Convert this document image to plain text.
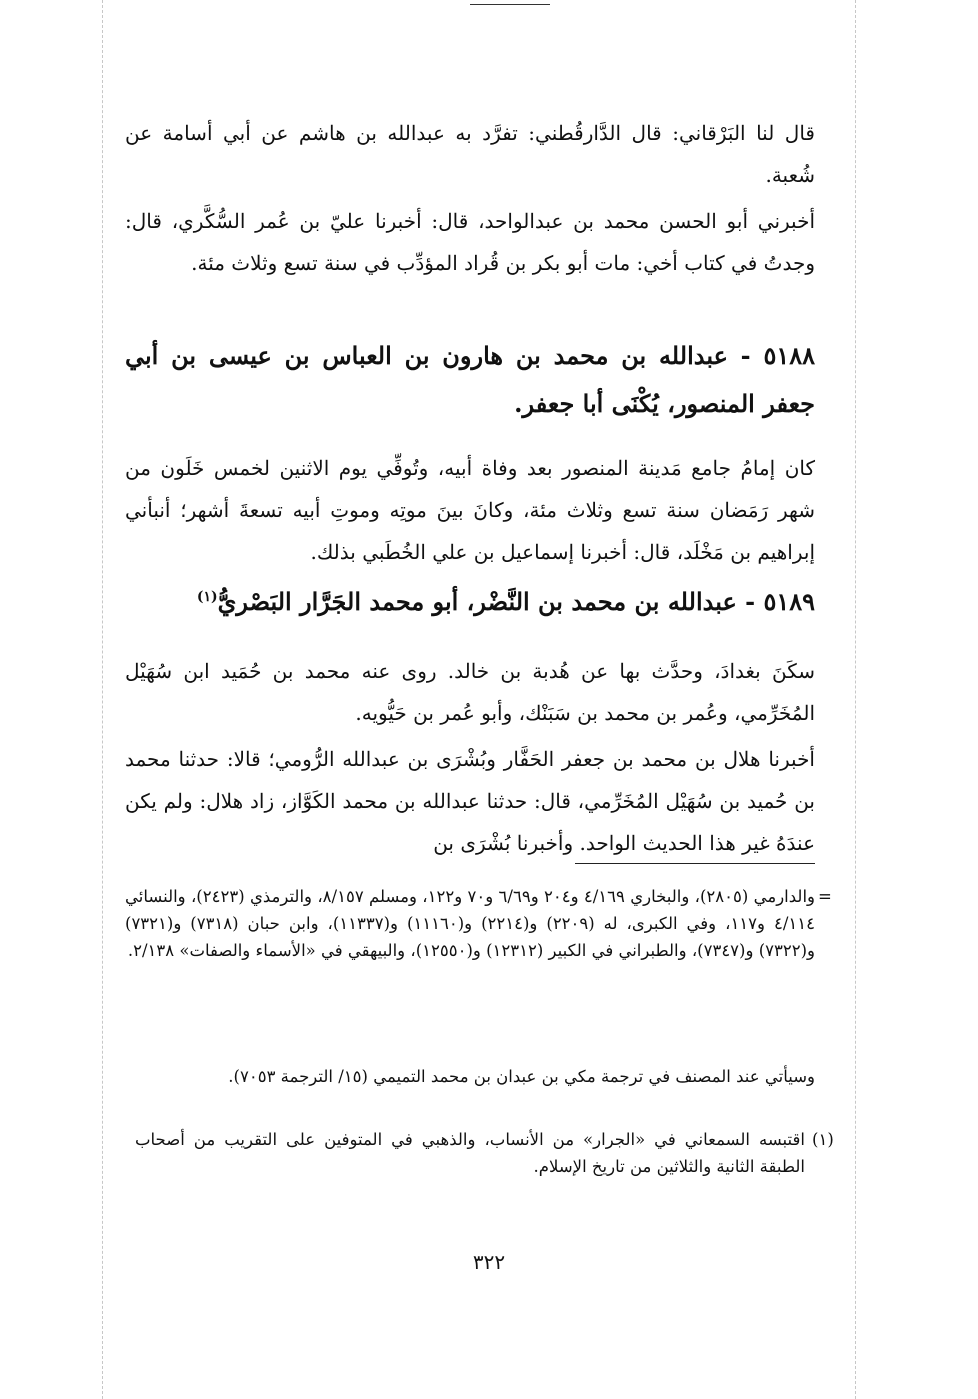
قال لنا البَرْقاني: قال الدَّارقُطني: تفرَّد به عبدالله بن هاشم عن أبي أسامة عن شُعبة.
أخبرني أبو الحسن محمد بن عبدالواحد، قال: أخبرنا عليّ بن عُمر السُّكَّري، قال: وجدتُ في كتاب أخي: مات أبو بكر بن قُراد المؤدِّب في سنة تسع وثلاث مئة.
٥١٨٨ - عبدالله بن محمد بن هارون بن العباس بن عيسى بن أبي جعفر المنصور، يُكْنَى أبا جعفر.
كان إمامُ جامع مَدينة المنصور بعد وفاة أبيه، وتُوفِّي يوم الاثنين لخمس خَلَون من شهر رَمَضان سنة تسع وثلاث مئة، وكانَ بينَ موتِه وموتِ أبيه تسعةَ أشهر؛ أنبأني إبراهيم بن مَخْلَد، قال: أخبرنا إسماعيل بن علي الخُطَبي بذلك.
٥١٨٩ - عبدالله بن محمد بن النَّضْر، أبو محمد الجَرَّار البَصْريُّ$^{(١)}$
سكَنَ بغدادَ، وحدَّث بها عن هُدبة بن خالد. روى عنه محمد بن حُمَيد ابن سُهَيْل المُخَرِّمي، وعُمر بن محمد بن سَبَنْك، وأبو عُمر بن حَيُّويه.
أخبرنا هلال بن محمد بن جعفر الحَفَّار وبُشْرَى بن عبدالله الرُّومي؛ قالا: حدثنا محمد بن حُميد بن سُهَيْل المُخَرِّمي، قال: حدثنا عبدالله بن محمد الكَوَّاز، زاد هلال: ولم يكن عندَهُ غير هذا الحديث الواحد. وأخبرنا بُشْرَى بن
=
والدارمي (٢٨٠٥)، والبخاري ٤/١٦٩ و٢٠٤ و٦/٦٩ و٧٠ و١٢٢، ومسلم ٨/١٥٧، والترمذي (٢٤٢٣)، والنسائي ٤/١١٤ و١١٧، وفي الكبرى، له (٢٢٠٩) و(٢٢١٤) و(١١١٦٠) و(١١٣٣٧)، وابن حبان (٧٣١٨) و(٧٣٢١) و(٧٣٢٢) و(٧٣٤٧)، والطبراني في الكبير (١٢٣١٢) و(١٢٥٥٠)، والبيهقي في «الأسماء والصفات» ٢/١٣٨.
وسيأتي عند المصنف في ترجمة مكي بن عبدان بن محمد التميمي (١٥/ الترجمة ٧٠٥٣).
(١)
اقتبسه السمعاني في «الجرار» من الأنساب، والذهبي في المتوفين على التقريب من أصحاب الطبقة الثانية والثلاثين من تاريخ الإسلام.
٣٢٢
